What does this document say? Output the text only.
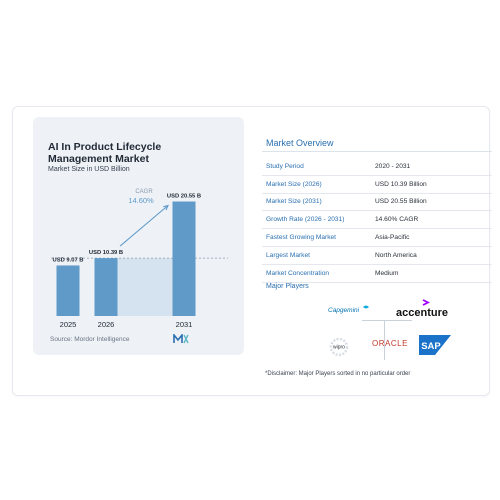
AI In Product Lifecycle Management Market
Market Size in USD Billion
USD 9.07 B
2025
USD 10.39 B
2026
USD 20.55 B
2031
CAGR
14.60%
Source: Mordor Intelligence
Market Overview
Study Period	2020 - 2031
Market Size (2026)	USD 10.39 Billion
Market Size (2031)	USD 20.55 Billion
Growth Rate (2026 - 2031)	14.60% CAGR
Fastest Growing Market	Asia-Pacific
Largest Market	North America
Market Concentration	Medium
Major Players
Capgemini	accenture
wipro	ORACLE SAP
*Disclaimer: Major Players sorted in no particular order
